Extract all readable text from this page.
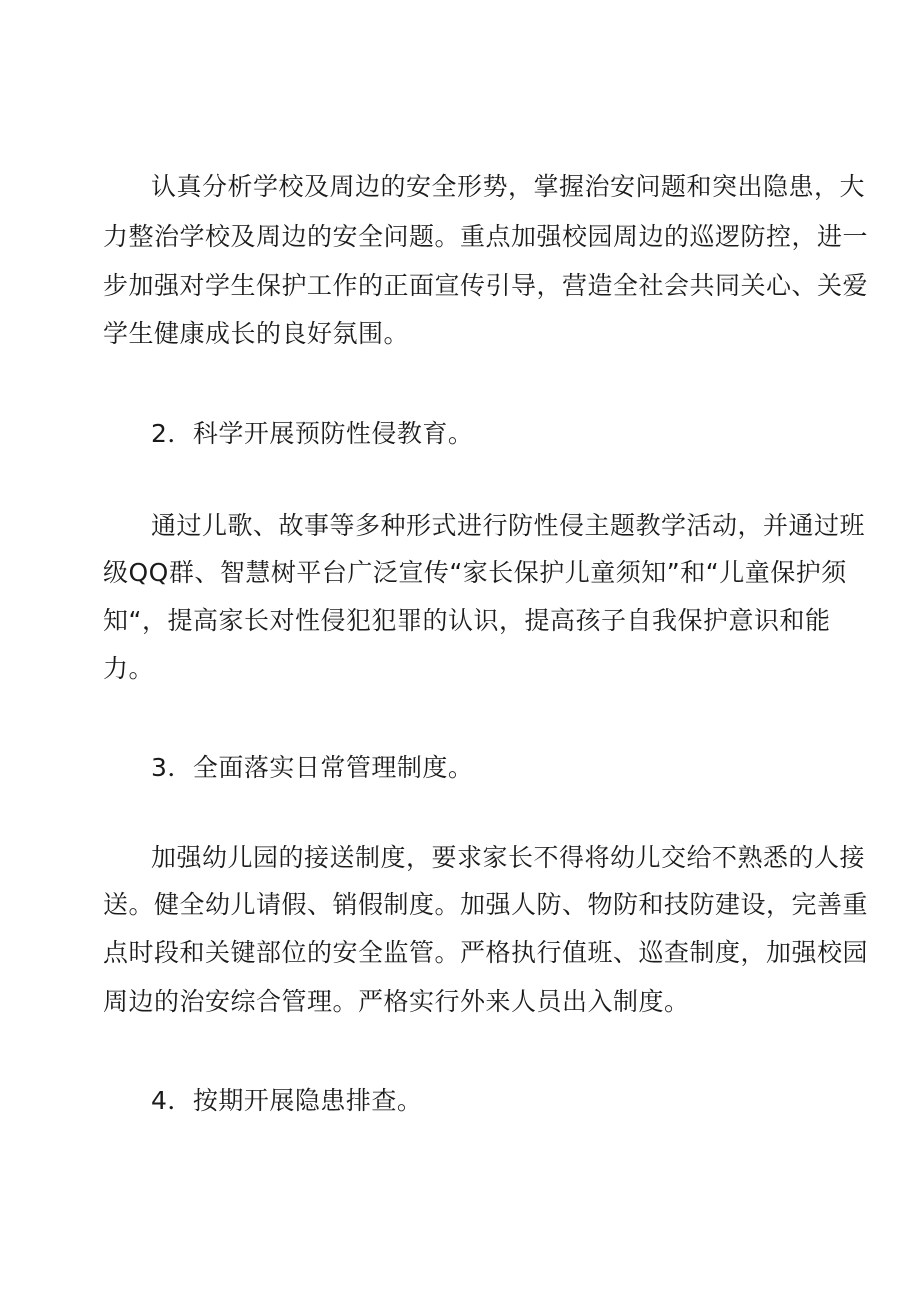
认真分析学校及周边的安全形势，掌握治安问题和突出隐患，大
力整治学校及周边的安全问题。重点加强校园周边的巡逻防控，进一
步加强对学生保护工作的正面宣传引导，营造全社会共同关心、关爱
学生健康成长的良好氛围。
2．科学开展预防性侵教育。
通过儿歌、故事等多种形式进行防性侵主题教学活动，并通过班
级QQ群、智慧树平台广泛宣传“家长保护儿童须知”和“儿童保护须
知“，提高家长对性侵犯犯罪的认识，提高孩子自我保护意识和能
力。
3．全面落实日常管理制度。
加强幼儿园的接送制度，要求家长不得将幼儿交给不熟悉的人接
送。健全幼儿请假、销假制度。加强人防、物防和技防建设，完善重
点时段和关键部位的安全监管。严格执行值班、巡查制度，加强校园
周边的治安综合管理。严格实行外来人员出入制度。
4．按期开展隐患排查。
